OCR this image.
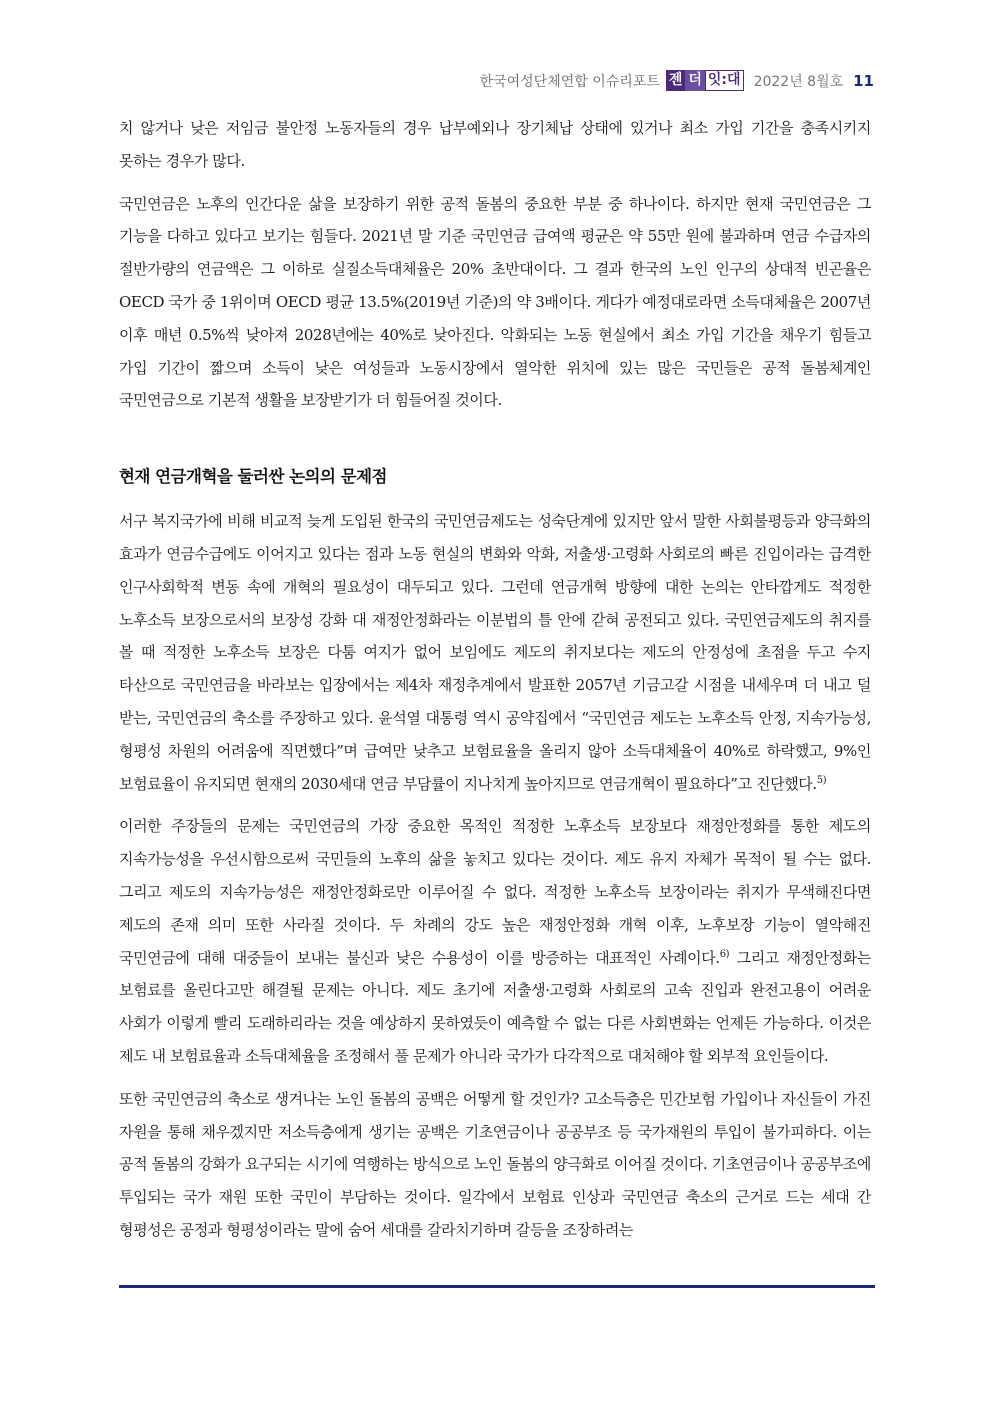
한국여성단체연합 이슈리포트 젠 더 잇:대 2022년 8월호 11

치 않거나 낮은 저임금 불안정 노동자들의 경우 납부예외나 장기체납 상태에 있거나 최소 가입 기간을 충족시키지 못하는 경우가 많다.

국민연금은 노후의 인간다운 삶을 보장하기 위한 공적 돌봄의 중요한 부분 중 하나이다. 하지만 현재 국민연금은 그 기능을 다하고 있다고 보기는 힘들다. 2021년 말 기준 국민연금 급여액 평균은 약 55만 원에 불과하며 연금 수급자의 절반가량의 연금액은 그 이하로 실질소득대체율은 20% 초반대이다. 그 결과 한국의 노인 인구의 상대적 빈곤율은 OECD 국가 중 1위이며 OECD 평균 13.5%(2019년 기준)의 약 3배이다. 게다가 예정대로라면 소득대체율은 2007년 이후 매년 0.5%씩 낮아져 2028년에는 40%로 낮아진다. 악화되는 노동 현실에서 최소 가입 기간을 채우기 힘들고 가입 기간이 짧으며 소득이 낮은 여성들과 노동시장에서 열악한 위치에 있는 많은 국민들은 공적 돌봄체계인 국민연금으로 기본적 생활을 보장받기가 더 힘들어질 것이다.

현재 연금개혁을 둘러싼 논의의 문제점

서구 복지국가에 비해 비교적 늦게 도입된 한국의 국민연금제도는 성숙단계에 있지만 앞서 말한 사회불평등과 양극화의 효과가 연금수급에도 이어지고 있다는 점과 노동 현실의 변화와 악화, 저출생·고령화 사회로의 빠른 진입이라는 급격한 인구사회학적 변동 속에 개혁의 필요성이 대두되고 있다. 그런데 연금개혁 방향에 대한 논의는 안타깝게도 적정한 노후소득 보장으로서의 보장성 강화 대 재정안정화라는 이분법의 틀 안에 갇혀 공전되고 있다. 국민연금제도의 취지를 볼 때 적정한 노후소득 보장은 다툼 여지가 없어 보임에도 제도의 취지보다는 제도의 안정성에 초점을 두고 수지 타산으로 국민연금을 바라보는 입장에서는 제4차 재정추계에서 발표한 2057년 기금고갈 시점을 내세우며 더 내고 덜 받는, 국민연금의 축소를 주장하고 있다. 윤석열 대통령 역시 공약집에서 “국민연금 제도는 노후소득 안정, 지속가능성, 형평성 차원의 어려움에 직면했다”며 급여만 낮추고 보험료율을 올리지 않아 소득대체율이 40%로 하락했고, 9%인 보험료율이 유지되면 현재의 2030세대 연금 부담률이 지나치게 높아지므로 연금개혁이 필요하다”고 진단했다.$^{5)}$

이러한 주장들의 문제는 국민연금의 가장 중요한 목적인 적정한 노후소득 보장보다 재정안정화를 통한 제도의 지속가능성을 우선시함으로써 국민들의 노후의 삶을 놓치고 있다는 것이다. 제도 유지 자체가 목적이 될 수는 없다. 그리고 제도의 지속가능성은 재정안정화로만 이루어질 수 없다. 적정한 노후소득 보장이라는 취지가 무색해진다면 제도의 존재 의미 또한 사라질 것이다. 두 차례의 강도 높은 재정안정화 개혁 이후, 노후보장 기능이 열악해진 국민연금에 대해 대중들이 보내는 불신과 낮은 수용성이 이를 방증하는 대표적인 사례이다.$^{6)}$ 그리고 재정안정화는 보험료를 올린다고만 해결될 문제는 아니다. 제도 초기에 저출생·고령화 사회로의 고속 진입과 완전고용이 어려운 사회가 이렇게 빨리 도래하리라는 것을 예상하지 못하였듯이 예측할 수 없는 다른 사회변화는 언제든 가능하다. 이것은 제도 내 보험료율과 소득대체율을 조정해서 풀 문제가 아니라 국가가 다각적으로 대처해야 할 외부적 요인들이다.

또한 국민연금의 축소로 생겨나는 노인 돌봄의 공백은 어떻게 할 것인가? 고소득층은 민간보험 가입이나 자신들이 가진 자원을 통해 채우겠지만 저소득층에게 생기는 공백은 기초연금이나 공공부조 등 국가재원의 투입이 불가피하다. 이는 공적 돌봄의 강화가 요구되는 시기에 역행하는 방식으로 노인 돌봄의 양극화로 이어질 것이다. 기초연금이나 공공부조에 투입되는 국가 재원 또한 국민이 부담하는 것이다. 일각에서 보험료 인상과 국민연금 축소의 근거로 드는 세대 간 형평성은 공정과 형평성이라는 말에 숨어 세대를 갈라치기하며 갈등을 조장하려는
